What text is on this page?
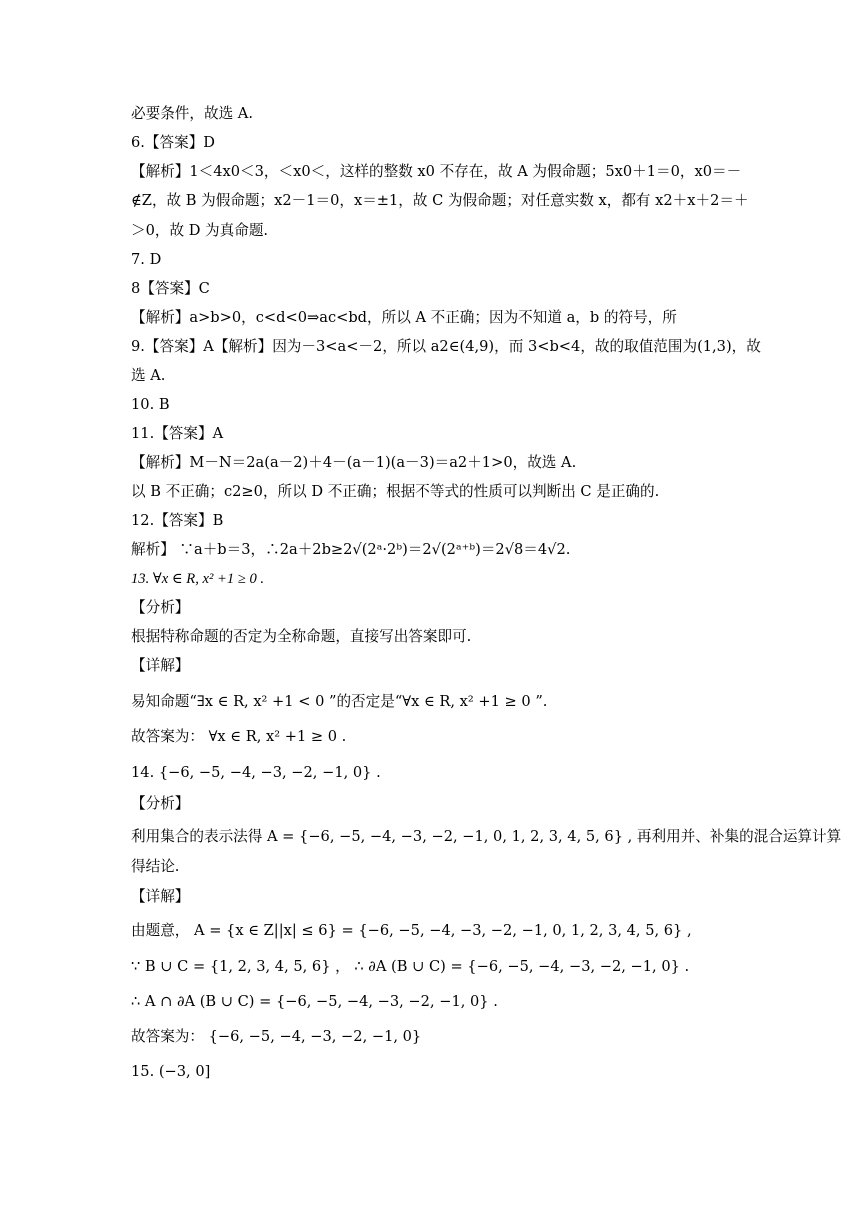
必要条件，故选 A.
6.【答案】D
【解析】1＜4x0＜3，＜x0＜，这样的整数 x0 不存在，故 A 为假命题；5x0＋1＝0，x0＝－
∉Z，故 B 为假命题；x2－1＝0，x＝±1，故 C 为假命题；对任意实数 x，都有 x2＋x＋2＝＋
＞0，故 D 为真命题.
7. D
8【答案】C
【解析】a>b>0，c<d<0⇒ac<bd，所以 A 不正确；因为不知道 a，b 的符号，所
9.【答案】A【解析】因为－3<a<－2，所以 a2∈(4,9)，而 3<b<4，故的取值范围为(1,3)，故
选 A.
10. B
11.【答案】A
【解析】M－N＝2a(a－2)＋4－(a－1)(a－3)＝a2＋1>0，故选 A.
以 B 不正确；c2≥0，所以 D 不正确；根据不等式的性质可以判断出 C 是正确的.
12.【答案】B
解析】 ∵a＋b＝3，∴2a＋2b≥2√(2ᵃ·2ᵇ)＝2√(2ᵃ⁺ᵇ)＝2√8＝4√2.
13. ∀x ∈ R, x² +1 ≥ 0 .
【分析】
根据特称命题的否定为全称命题，直接写出答案即可.
【详解】
易知命题“∃x ∈ R, x² +1 < 0 ”的否定是“∀x ∈ R, x² +1 ≥ 0 ”.
故答案为： ∀x ∈ R, x² +1 ≥ 0 .
14. {−6, −5, −4, −3, −2, −1, 0} .
【分析】
利用集合的表示法得 A = {−6, −5, −4, −3, −2, −1, 0, 1, 2, 3, 4, 5, 6} , 再利用并、补集的混合运算计算
得结论.
【详解】
由题意， A = {x ∈ Z||x| ≤ 6} = {−6, −5, −4, −3, −2, −1, 0, 1, 2, 3, 4, 5, 6} ,
∵ B ∪ C = {1, 2, 3, 4, 5, 6} ， ∴ ∂A (B ∪ C) = {−6, −5, −4, −3, −2, −1, 0} .
∴ A ∩ ∂A (B ∪ C) = {−6, −5, −4, −3, −2, −1, 0} .
故答案为： {−6, −5, −4, −3, −2, −1, 0}
15. (−3, 0]
